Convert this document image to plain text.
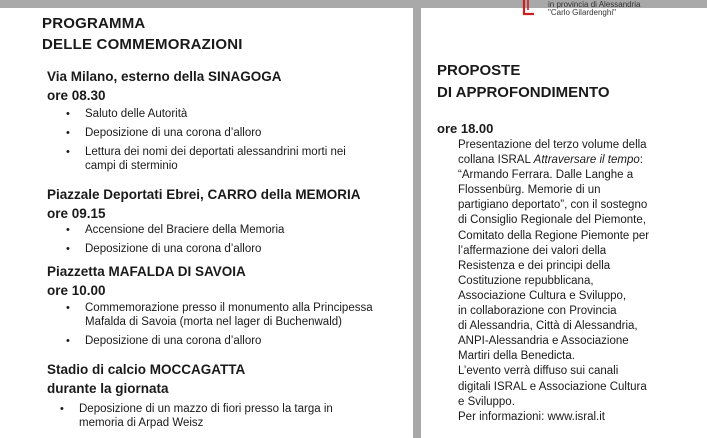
in provincia di Alessandria
"Carlo Gilardenghi"
PROGRAMMA
DELLE COMMEMORAZIONI
Via Milano, esterno della SINAGOGA
ore 08.30
• Saluto delle Autorità
• Deposizione di una corona d’alloro
• Lettura dei nomi dei deportati alessandrini morti nei campi di sterminio
Piazzale Deportati Ebrei, CARRO della MEMORIA
ore 09.15
• Accensione del Braciere della Memoria
• Deposizione di una corona d’alloro
Piazzetta MAFALDA DI SAVOIA
ore 10.00
• Commemorazione presso il monumento alla Principessa Mafalda di Savoia (morta nel lager di Buchenwald)
• Deposizione di una corona d’alloro
Stadio di calcio MOCCAGATTA
durante la giornata
• Deposizione di un mazzo di fiori presso la targa in memoria di Arpad Weisz
PROPOSTE
DI APPROFONDIMENTO
ore 18.00
Presentazione del terzo volume della
collana ISRAL Attraversare il tempo:
“Armando Ferrara. Dalle Langhe a
Flossenbürg. Memorie di un
partigiano deportato”, con il sostegno
di Consiglio Regionale del Piemonte,
Comitato della Regione Piemonte per
l’affermazione dei valori della
Resistenza e dei principi della
Costituzione repubblicana,
Associazione Cultura e Sviluppo,
in collaborazione con Provincia
di Alessandria, Città di Alessandria,
ANPI-Alessandria e Associazione
Martiri della Benedicta.
L’evento verrà diffuso sui canali
digitali ISRAL e Associazione Cultura
e Sviluppo.
Per informazioni: www.isral.it
